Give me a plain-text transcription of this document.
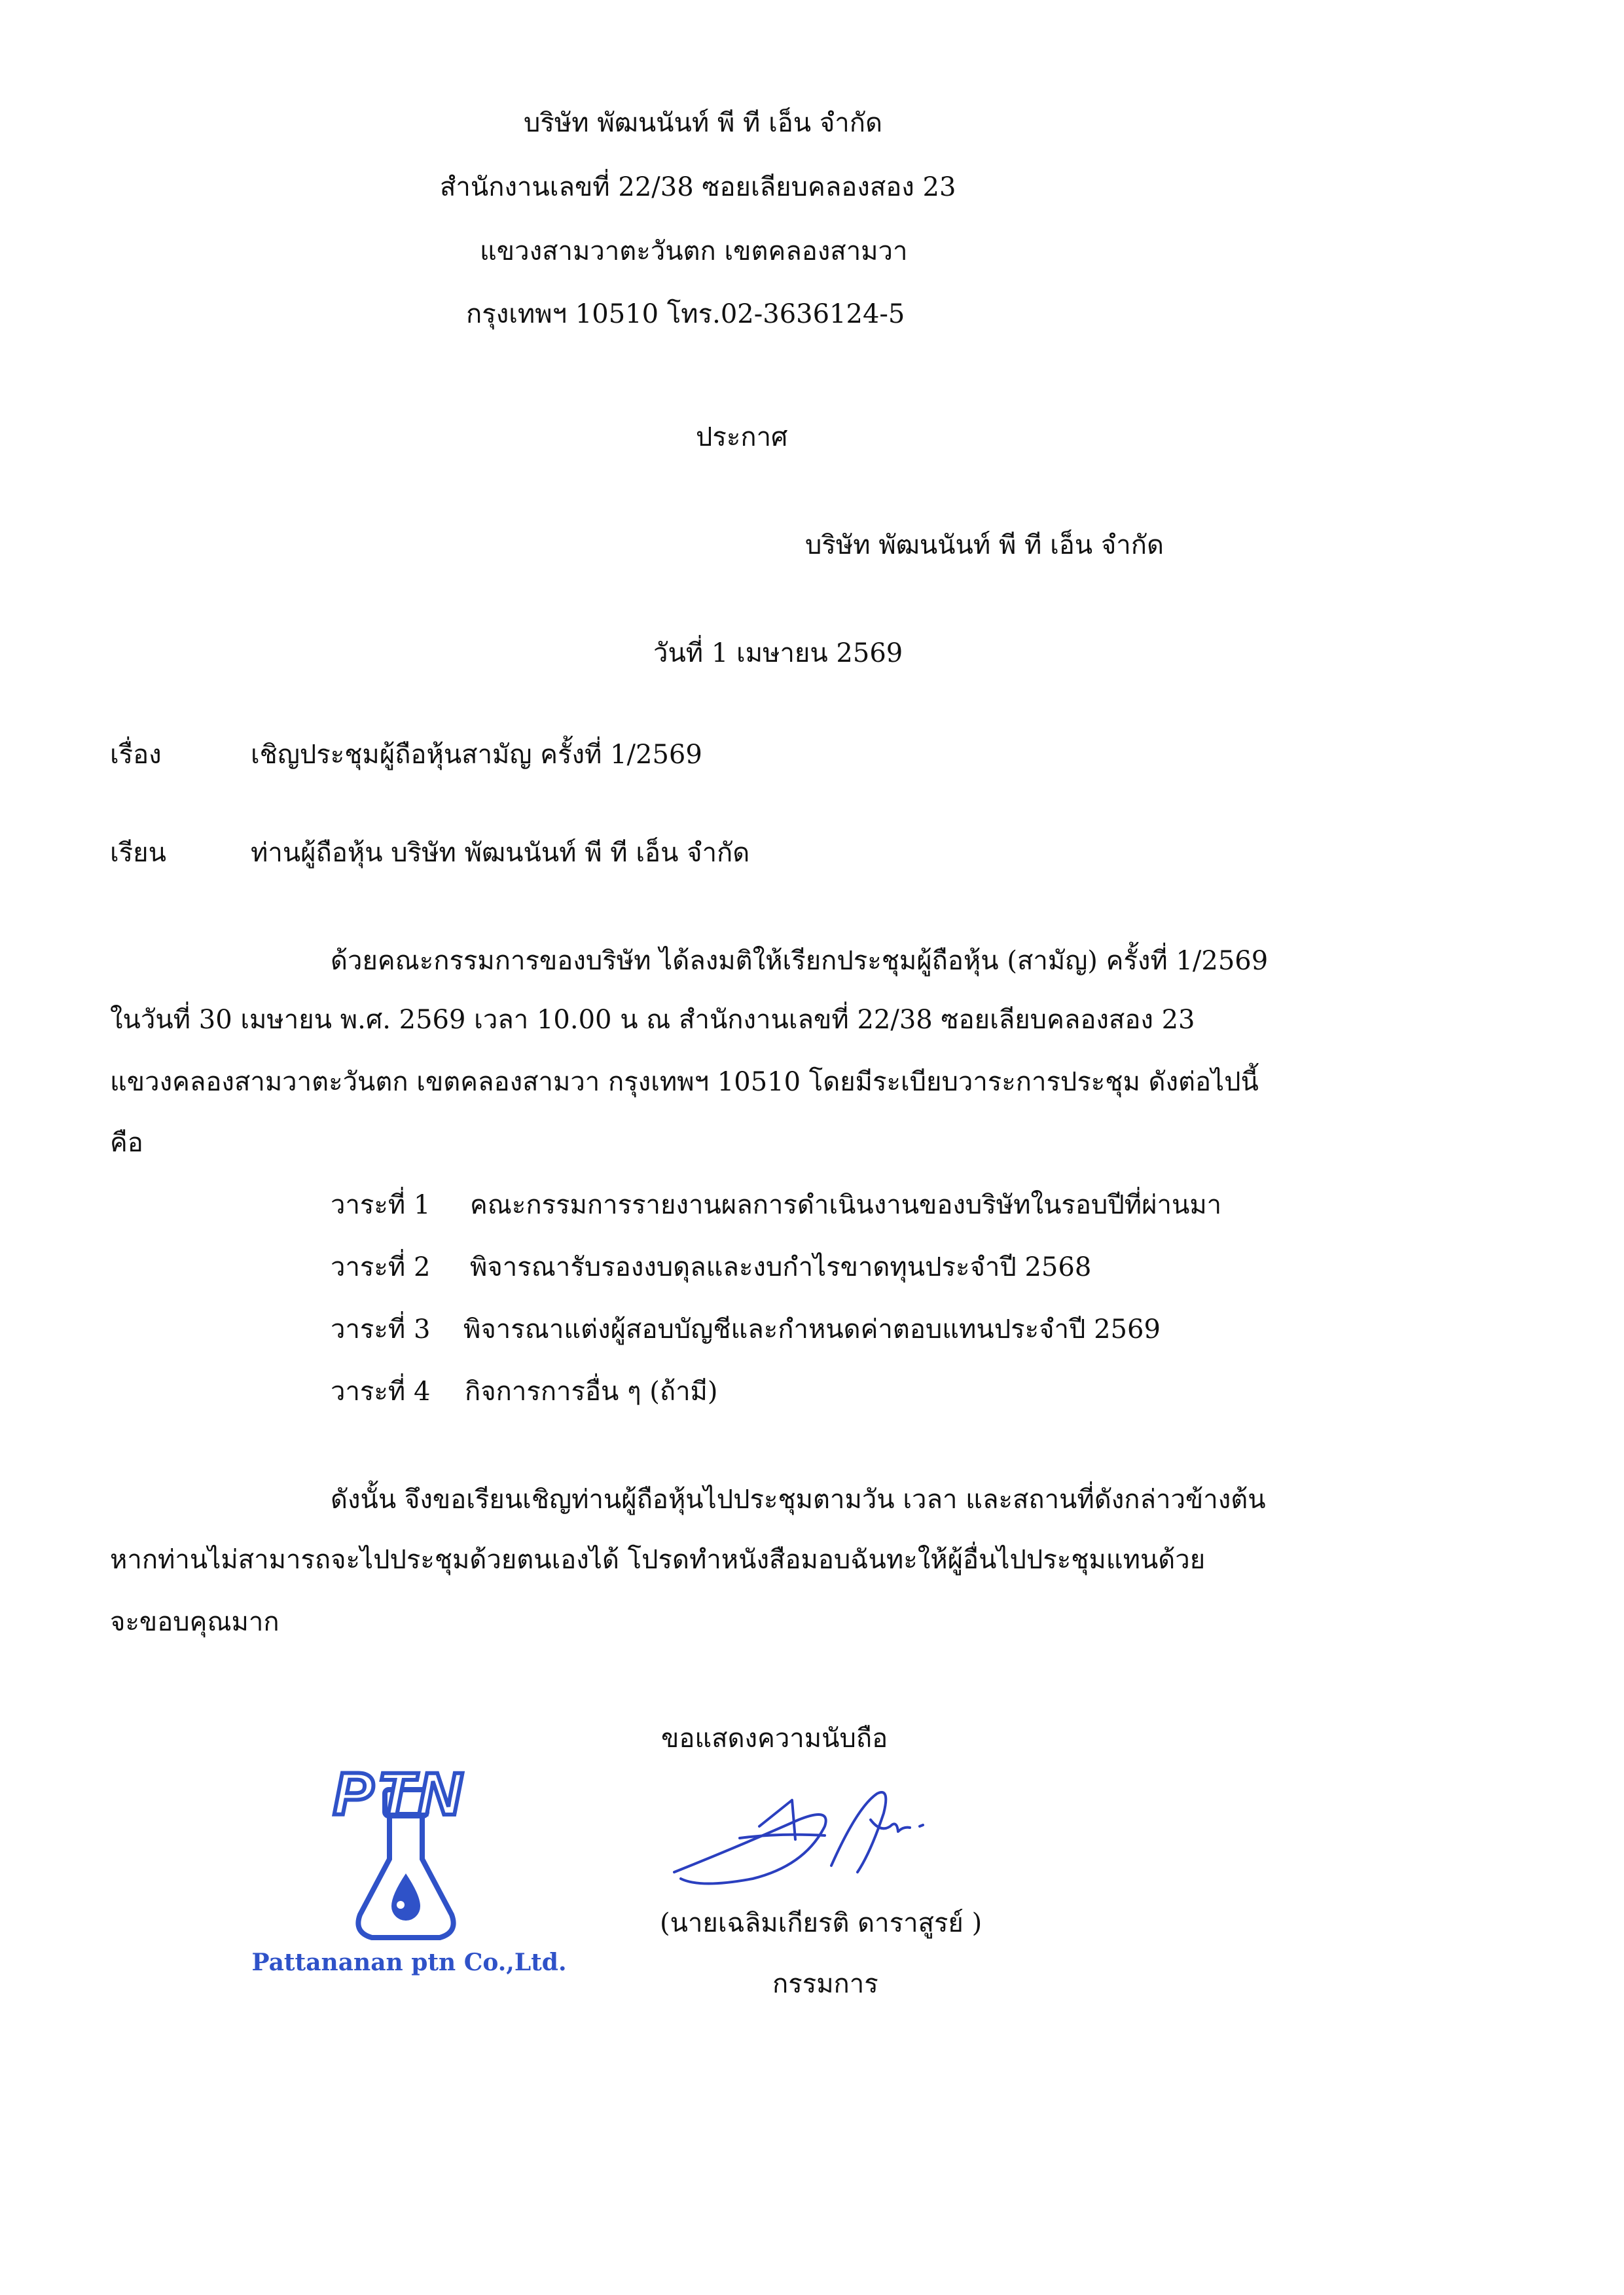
บริษัท พัฒนนันท์ พี ที เอ็น จำกัด
สำนักงานเลขที่ 22/38 ซอยเลียบคลองสอง 23
แขวงสามวาตะวันตก เขตคลองสามวา
กรุงเทพฯ 10510 โทร.02-3636124-5
ประกาศ
บริษัท พัฒนนันท์ พี ที เอ็น จำกัด
วันที่ 1 เมษายน 2569
เรื่อง	เชิญประชุมผู้ถือหุ้นสามัญ ครั้งที่ 1/2569
เรียน	ท่านผู้ถือหุ้น บริษัท พัฒนนันท์ พี ที เอ็น จำกัด
ด้วยคณะกรรมการของบริษัท ได้ลงมติให้เรียกประชุมผู้ถือหุ้น (สามัญ) ครั้งที่ 1/2569
ในวันที่ 30 เมษายน พ.ศ. 2569 เวลา 10.00 น ณ สำนักงานเลขที่ 22/38 ซอยเลียบคลองสอง 23
แขวงคลองสามวาตะวันตก เขตคลองสามวา กรุงเทพฯ 10510 โดยมีระเบียบวาระการประชุม ดังต่อไปนี้
คือ
วาระที่ 1 คณะกรรมการรายงานผลการดำเนินงานของบริษัทในรอบปีที่ผ่านมา
วาระที่ 2 พิจารณารับรองงบดุลและงบกำไรขาดทุนประจำปี 2568
วาระที่ 3 พิจารณาแต่งผู้สอบบัญชีและกำหนดค่าตอบแทนประจำปี 2569
วาระที่ 4 กิจการการอื่น ๆ (ถ้ามี)
ดังนั้น จึงขอเรียนเชิญท่านผู้ถือหุ้นไปประชุมตามวัน เวลา และสถานที่ดังกล่าวข้างต้น
หากท่านไม่สามารถจะไปประชุมด้วยตนเองได้ โปรดทำหนังสือมอบฉันทะให้ผู้อื่นไปประชุมแทนด้วย
จะขอบคุณมาก
ขอแสดงความนับถือ
PTN
Pattananan ptn Co.,Ltd.
(นายเฉลิมเกียรติ ดาราสูรย์ )
กรรมการ
